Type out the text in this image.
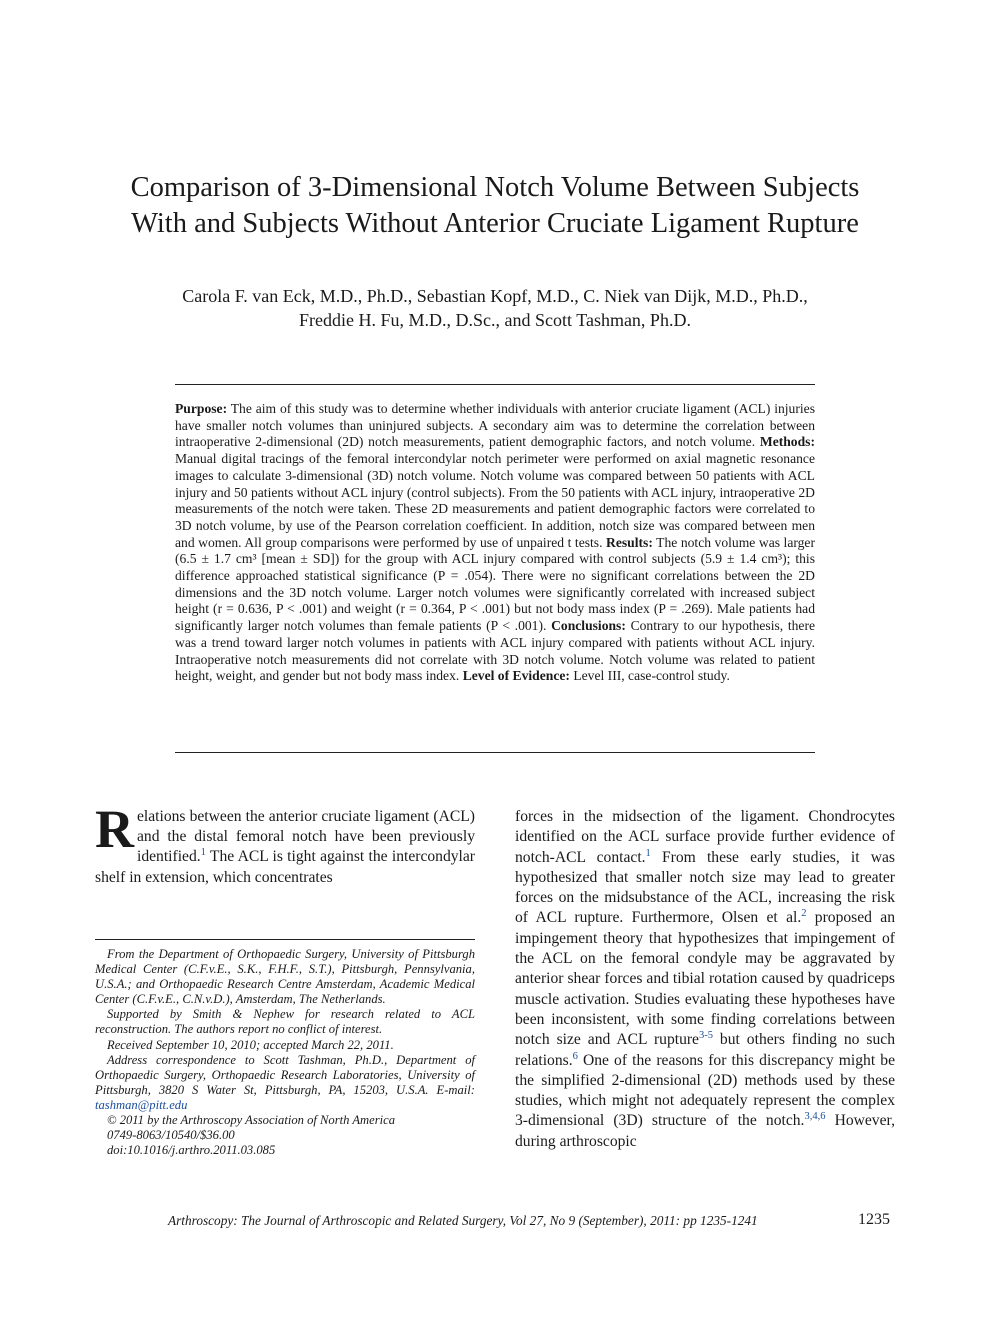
Comparison of 3-Dimensional Notch Volume Between Subjects
With and Subjects Without Anterior Cruciate Ligament Rupture
Carola F. van Eck, M.D., Ph.D., Sebastian Kopf, M.D., C. Niek van Dijk, M.D., Ph.D.,
Freddie H. Fu, M.D., D.Sc., and Scott Tashman, Ph.D.
Purpose: The aim of this study was to determine whether individuals with anterior cruciate ligament (ACL) injuries have smaller notch volumes than uninjured subjects. A secondary aim was to determine the correlation between intraoperative 2-dimensional (2D) notch measurements, patient demographic factors, and notch volume. Methods: Manual digital tracings of the femoral intercondylar notch perimeter were performed on axial magnetic resonance images to calculate 3-dimensional (3D) notch volume. Notch volume was compared between 50 patients with ACL injury and 50 patients without ACL injury (control subjects). From the 50 patients with ACL injury, intraoperative 2D measurements of the notch were taken. These 2D measurements and patient demographic factors were correlated to 3D notch volume, by use of the Pearson correlation coefficient. In addition, notch size was compared between men and women. All group comparisons were performed by use of unpaired t tests. Results: The notch volume was larger (6.5 ± 1.7 cm³ [mean ± SD]) for the group with ACL injury compared with control subjects (5.9 ± 1.4 cm³); this difference approached statistical significance (P = .054). There were no significant correlations between the 2D dimensions and the 3D notch volume. Larger notch volumes were significantly correlated with increased subject height (r = 0.636, P < .001) and weight (r = 0.364, P < .001) but not body mass index (P = .269). Male patients had significantly larger notch volumes than female patients (P < .001). Conclusions: Contrary to our hypothesis, there was a trend toward larger notch volumes in patients with ACL injury compared with patients without ACL injury. Intraoperative notch measurements did not correlate with 3D notch volume. Notch volume was related to patient height, weight, and gender but not body mass index. Level of Evidence: Level III, case-control study.
Relations between the anterior cruciate ligament (ACL) and the distal femoral notch have been previously identified.$^1$ The ACL is tight against the intercondylar shelf in extension, which concentrates

From the Department of Orthopaedic Surgery, University of Pittsburgh Medical Center (C.F.v.E., S.K., F.H.F., S.T.), Pittsburgh, Pennsylvania, U.S.A.; and Orthopaedic Research Centre Amsterdam, Academic Medical Center (C.F.v.E., C.N.v.D.), Amsterdam, The Netherlands.

Supported by Smith & Nephew for research related to ACL reconstruction. The authors report no conflict of interest.

Received September 10, 2010; accepted March 22, 2011.

Address correspondence to Scott Tashman, Ph.D., Department of Orthopaedic Surgery, Orthopaedic Research Laboratories, University of Pittsburgh, 3820 S Water St, Pittsburgh, PA, 15203, U.S.A. E-mail: tashman@pitt.edu

© 2011 by the Arthroscopy Association of North America

0749-8063/10540/$36.00

doi:10.1016/j.arthro.2011.03.085

forces in the midsection of the ligament. Chondrocytes identified on the ACL surface provide further evidence of notch-ACL contact.$^1$ From these early studies, it was hypothesized that smaller notch size may lead to greater forces on the midsubstance of the ACL, increasing the risk of ACL rupture. Furthermore, Olsen et al.$^2$ proposed an impingement theory that hypothesizes that impingement of the ACL on the femoral condyle may be aggravated by anterior shear forces and tibial rotation caused by quadriceps muscle activation. Studies evaluating these hypotheses have been inconsistent, with some finding correlations between notch size and ACL rupture$^{3-5}$ but others finding no such relations.$^6$ One of the reasons for this discrepancy might be the simplified 2-dimensional (2D) methods used by these studies, which might not adequately represent the complex 3-dimensional (3D) structure of the notch.$^{3,4,6}$ However, during arthroscopic
Arthroscopy: The Journal of Arthroscopic and Related Surgery, Vol 27, No 9 (September), 2011: pp 1235-1241	1235
